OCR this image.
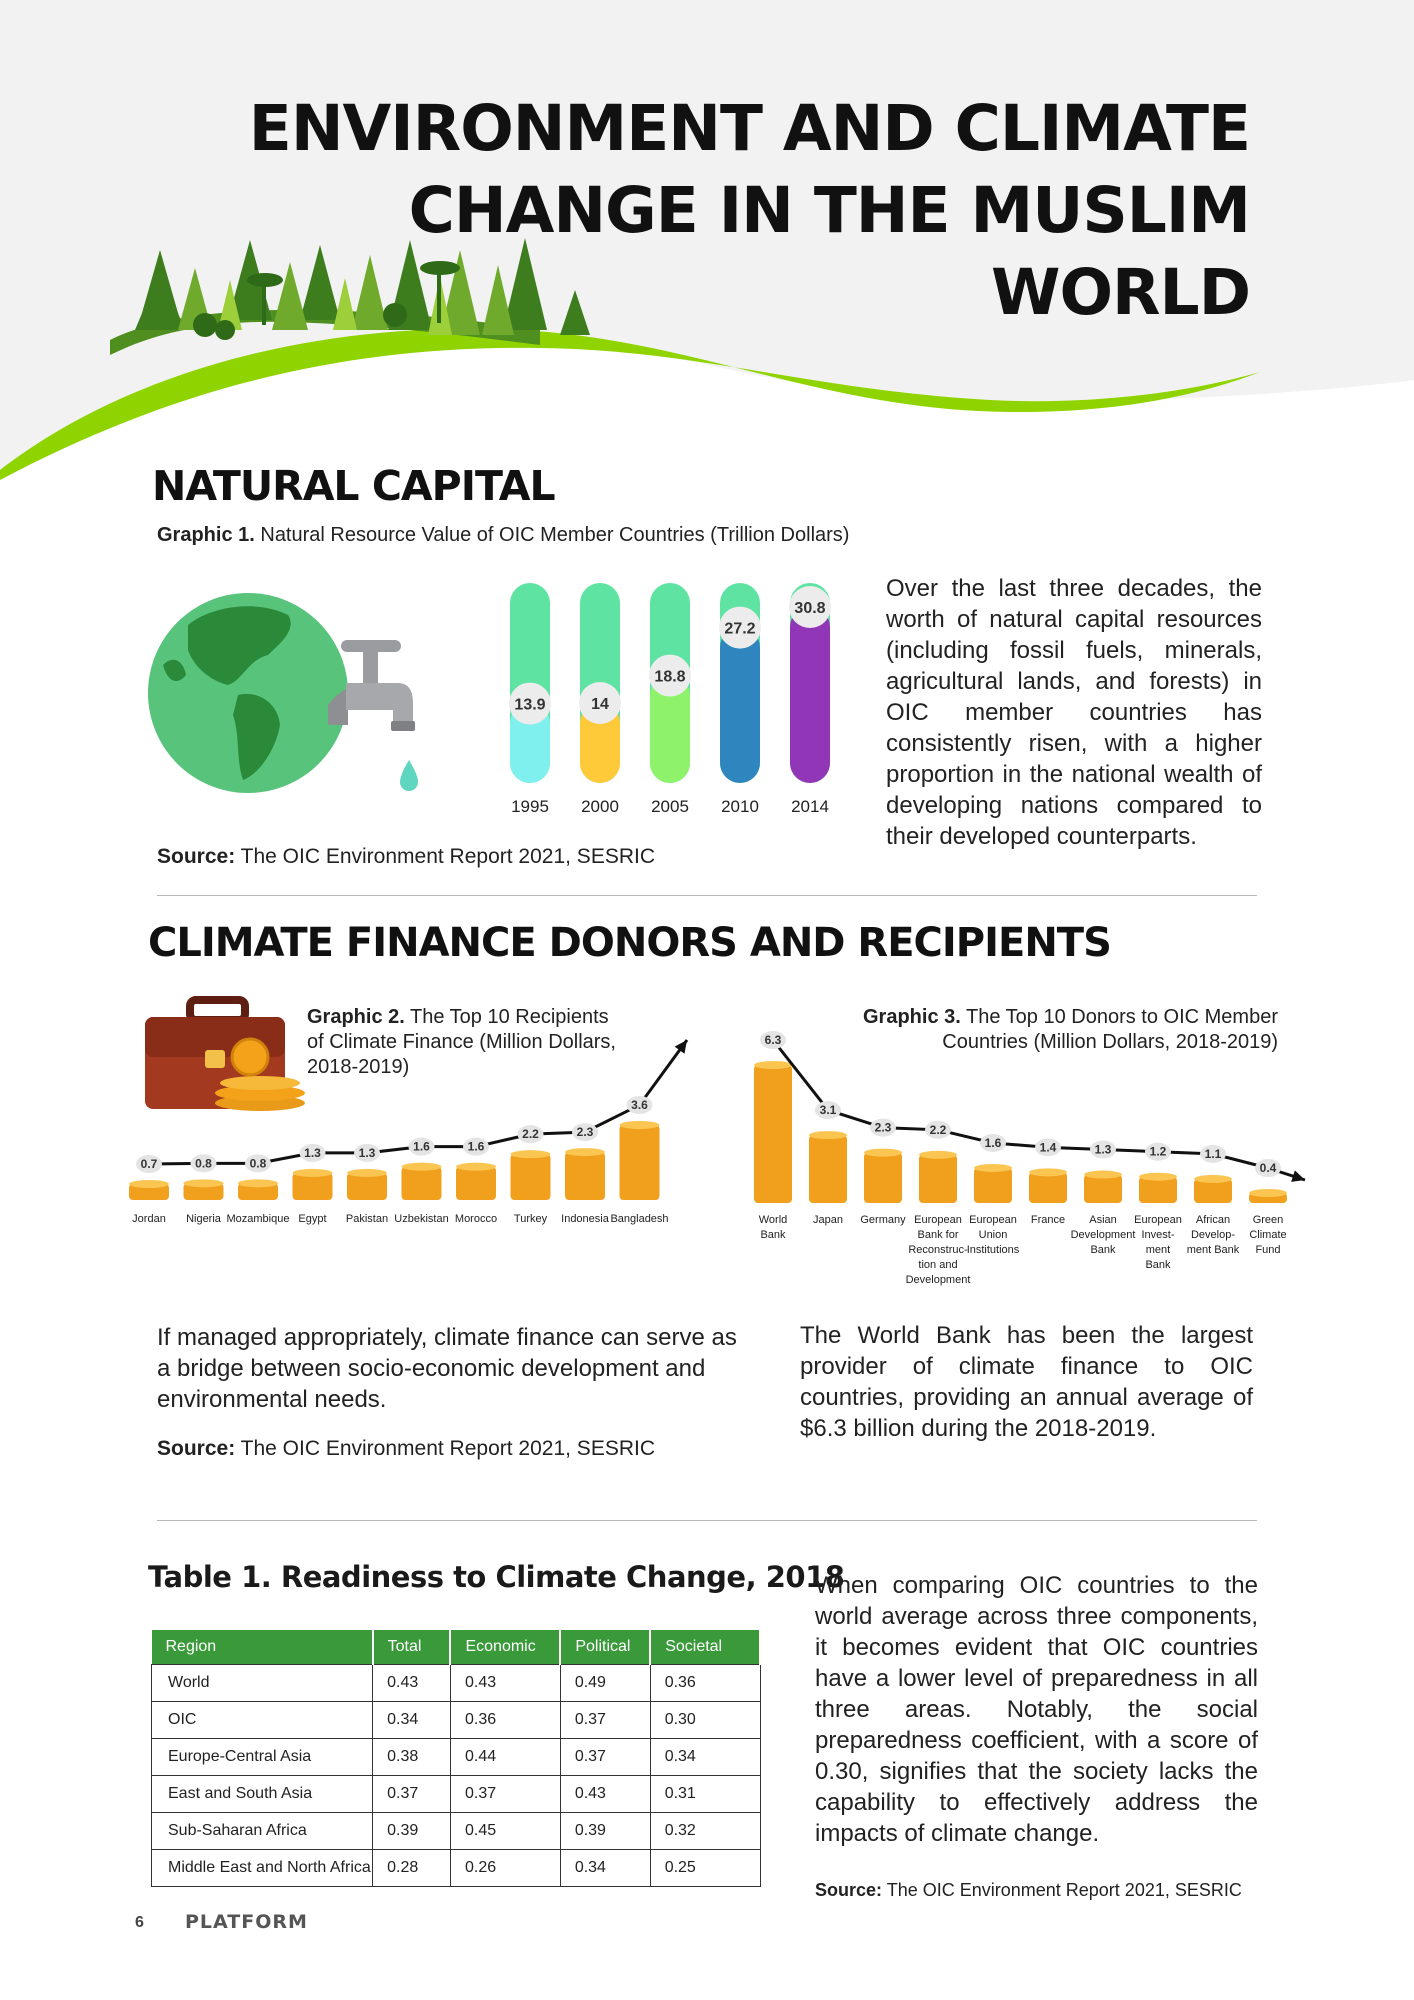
ENVIRONMENT AND CLIMATE
CHANGE IN THE MUSLIM WORLD
NATURAL CAPITAL
Graphic 1. Natural Resource Value of OIC Member Countries (Trillion Dollars)
13.9
1995
14
2000
18.8
2005
27.2
2010
30.8
2014
Over the last three decades, the worth of natural capital resources (including fossil fuels, minerals, agricultural lands, and forests) in OIC member countries has consistently risen, with a higher proportion in the national wealth of developing nations compared to their developed counterparts.
Source: The OIC Environment Report 2021, SESRIC
CLIMATE FINANCE DONORS AND RECIPIENTS
Graphic 2. The Top 10 Recipients
of Climate Finance (Million Dollars,
2018-2019)
Graphic 3. The Top 10 Donors to OIC Member
Countries (Million Dollars, 2018-2019)
0.7	0.8	0.8
1.3	1.3	1.6	1.6
2.2	2.3
3.6
Jordan Nigeria Mozambique Egypt Pakistan Uzbekistan Morocco Turkey Indonesia Bangladesh
6.3
3.1
2.3	2.2
1.6	1.4	1.3	1.2	1.1
0.4
World Bank
Japan Germany European Bank for Reconstruc-tion and Development
European Union Institutions
France	Asian Development Bank
European Invest-ment Bank
African Develop-ment Bank
Green Climate Fund
If managed appropriately, climate finance can serve as a bridge between socio-economic development and environmental needs.
Source: The OIC Environment Report 2021, SESRIC
The World Bank has been the largest provider of climate finance to OIC countries, providing an annual average of $6.3 billion during the 2018-2019.
Table 1. Readiness to Climate Change, 2018
Region	Total	Economic	Political	Societal
World	0.43	0.43	0.49	0.36
OIC	0.34	0.36	0.37	0.30
Europe-Central Asia	0.38	0.44	0.37	0.34
East and South Asia	0.37	0.37	0.43	0.31
Sub-Saharan Africa	0.39	0.45	0.39	0.32
Middle East and North Africa	0.28	0.26	0.34	0.25
When comparing OIC countries to the world average across three components, it becomes evident that OIC countries have a lower level of preparedness in all three areas. Notably, the social preparedness coefficient, with a score of 0.30, signifies that the society lacks the capability to effectively address the impacts of climate change.
Source: The OIC Environment Report 2021, SESRIC
6 PLATFORM
